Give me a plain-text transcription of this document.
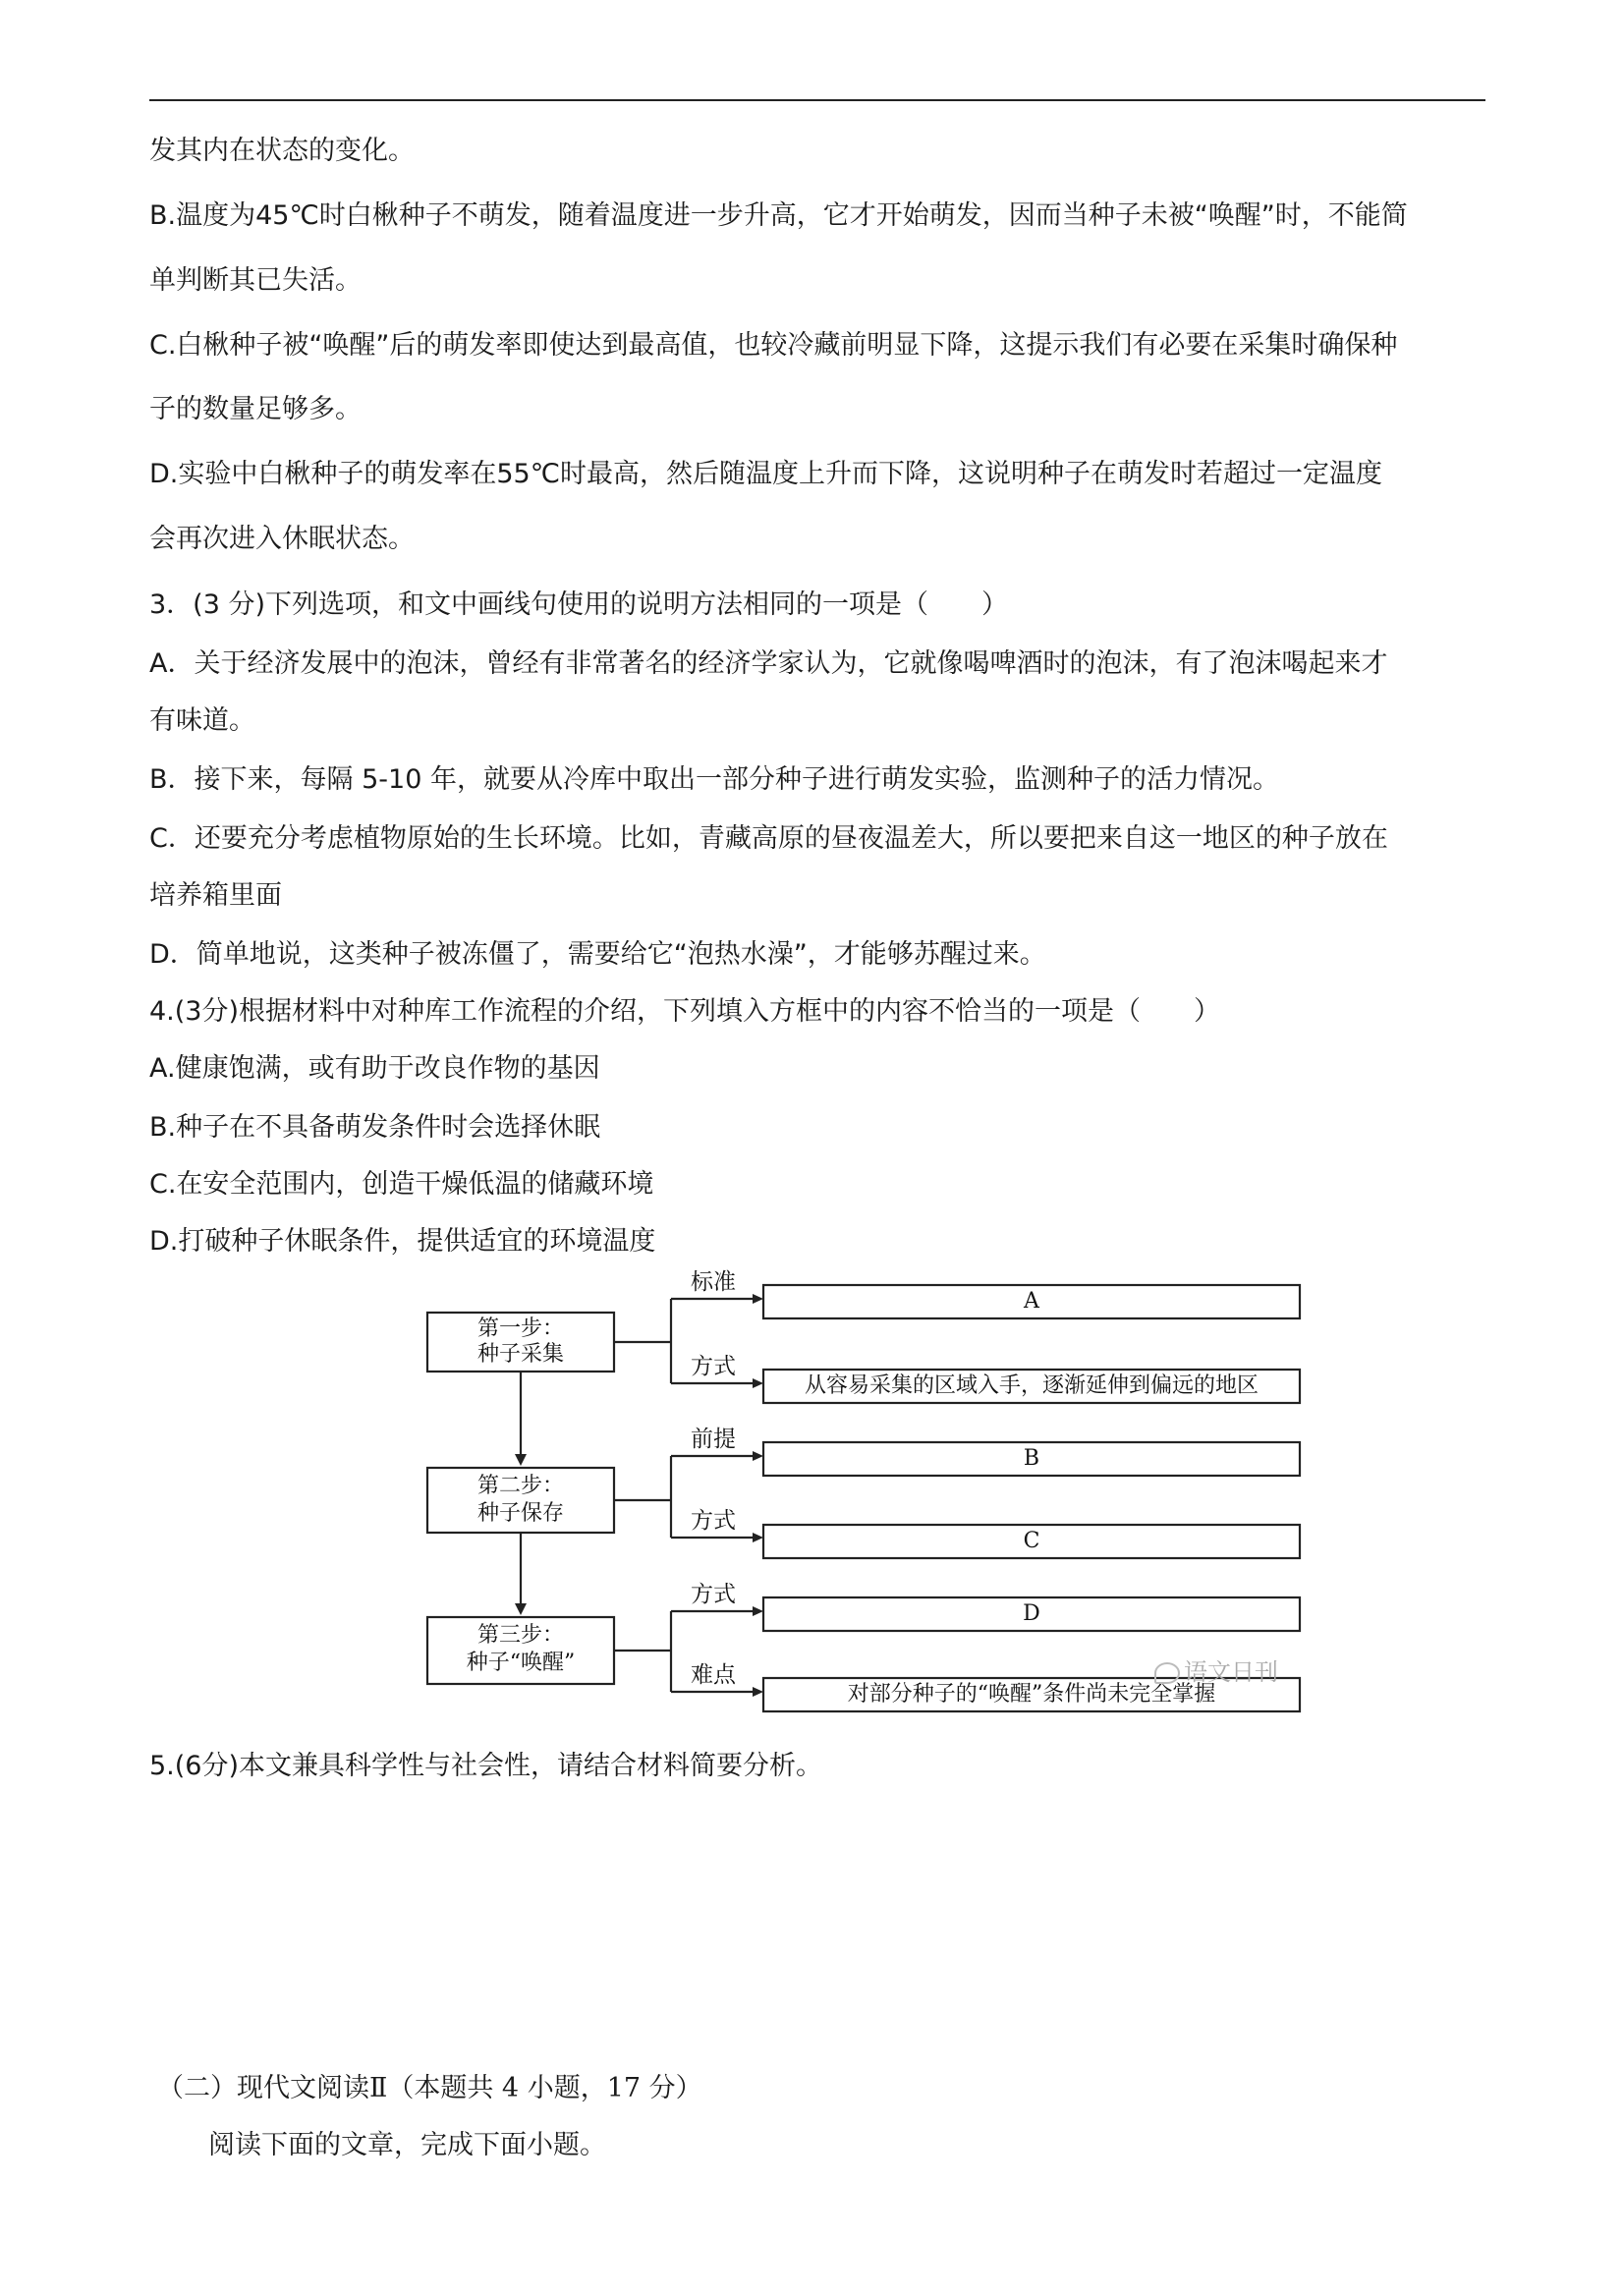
发其内在状态的变化。
B.温度为45℃时白楸种子不萌发，随着温度进一步升高，它才开始萌发，因而当种子未被“唤醒”时，不能简
单判断其已失活。
C.白楸种子被“唤醒”后的萌发率即使达到最高值，也较冷藏前明显下降，这提示我们有必要在采集时确保种
子的数量足够多。
D.实验中白楸种子的萌发率在55℃时最高，然后随温度上升而下降，这说明种子在萌发时若超过一定温度
会再次进入休眠状态。
3．(3 分)下列选项，和文中画线句使用的说明方法相同的一项是（　　）
A．关于经济发展中的泡沫，曾经有非常著名的经济学家认为，它就像喝啤酒时的泡沫，有了泡沫喝起来才
有味道。
B．接下来，每隔 5-10 年，就要从冷库中取出一部分种子进行萌发实验，监测种子的活力情况。
C．还要充分考虑植物原始的生长环境。比如，青藏高原的昼夜温差大，所以要把来自这一地区的种子放在
培养箱里面
D．简单地说，这类种子被冻僵了，需要给它“泡热水澡”，才能够苏醒过来。
4.(3分)根据材料中对种库工作流程的介绍，下列填入方框中的内容不恰当的一项是（　　）
A.健康饱满，或有助于改良作物的基因
B.种子在不具备萌发条件时会选择休眠
C.在安全范围内，创造干燥低温的储藏环境
D.打破种子休眠条件，提供适宜的环境温度
第一步：
种子采集
第二步：
种子保存
第三步：
种子“唤醒”
标准
方式
前提
方式
方式
难点
A
从容易采集的区域入手，逐渐延伸到偏远的地区
B
C
D
对部分种子的“唤醒”条件尚未完全掌握
语文日刊
5.(6分)本文兼具科学性与社会性，请结合材料简要分析。
（二）现代文阅读Ⅱ（本题共 4 小题，17 分）
阅读下面的文章，完成下面小题。
